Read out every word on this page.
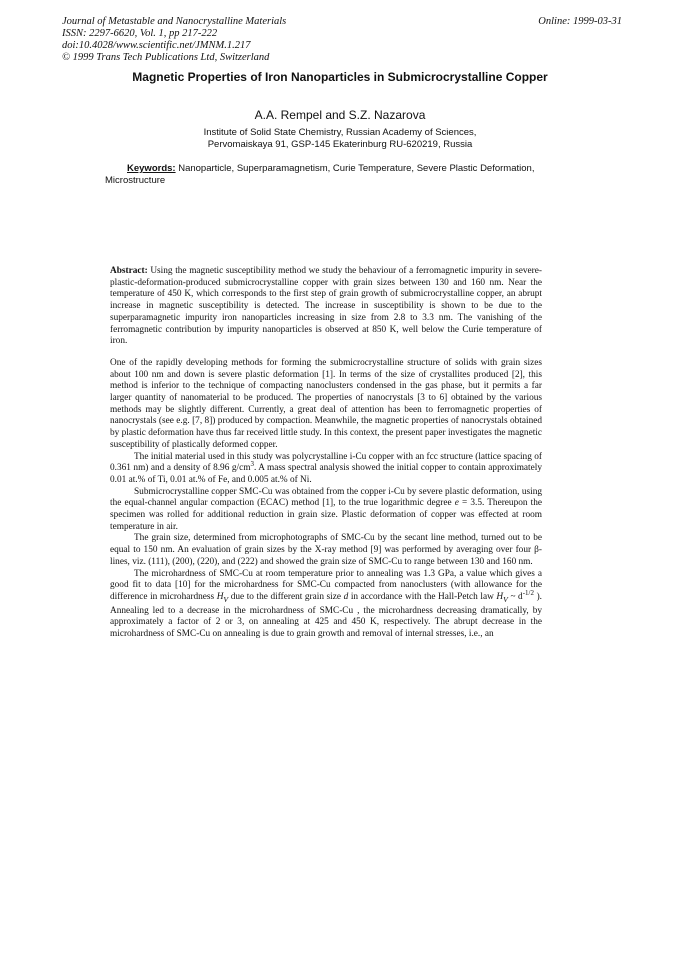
Journal of Metastable and Nanocrystalline Materials
ISSN: 2297-6620, Vol. 1, pp 217-222
doi:10.4028/www.scientific.net/JMNM.1.217
© 1999 Trans Tech Publications Ltd, Switzerland
Online: 1999-03-31
Magnetic Properties of Iron Nanoparticles in Submicrocrystalline Copper
A.A. Rempel and S.Z. Nazarova
Institute of Solid State Chemistry, Russian Academy of Sciences,
Pervomaiskaya 91, GSP-145 Ekaterinburg RU-620219, Russia
Keywords: Nanoparticle, Superparamagnetism, Curie Temperature, Severe Plastic Deformation, Microstructure

Abstract: Using the magnetic susceptibility method we study the behaviour of a ferromagnetic impurity in severe-plastic-deformation-produced submicrocrystalline copper with grain sizes between 130 and 160 nm. Near the temperature of 450 K, which corresponds to the first step of grain growth of submicrocrystalline copper, an abrupt increase in magnetic susceptibility is detected. The increase in susceptibility is shown to be due to the superparamagnetic impurity iron nanoparticles increasing in size from 2.8 to 3.3 nm. The vanishing of the ferromagnetic contribution by impurity nanoparticles is observed at 850 K, well below the Curie temperature of iron.

One of the rapidly developing methods for forming the submicrocrystalline structure of solids with grain sizes about 100 nm and down is severe plastic deformation [1]. In terms of the size of crystallites produced [2], this method is inferior to the technique of compacting nanoclusters condensed in the gas phase, but it permits a far larger quantity of nanomaterial to be produced. The properties of nanocrystals [3 to 6] obtained by the various methods may be slightly different. Currently, a great deal of attention has been to ferromagnetic properties of nanocrystals (see e.g. [7, 8]) produced by compaction. Meanwhile, the magnetic properties of nanocrystals obtained by plastic deformation have thus far received little study. In this context, the present paper investigates the magnetic susceptibility of plastically deformed copper.

The initial material used in this study was polycrystalline i-Cu copper with an fcc structure (lattice spacing of 0.361 nm) and a density of 8.96 $g/cm^3$. A mass spectral analysis showed the initial copper to contain approximately 0.01 at.% of Ti, 0.01 at.% of Fe, and 0.005 at.% of Ni.

Submicrocrystalline copper SMC-Cu was obtained from the copper i-Cu by severe plastic deformation, using the equal-channel angular compaction (ECAC) method [1], to the true logarithmic degree e = 3.5. Thereupon the specimen was rolled for additional reduction in grain size. Plastic deformation of copper was effected at room temperature in air.

The grain size, determined from microphotographs of SMC-Cu by the secant line method, turned out to be equal to 150 nm. An evaluation of grain sizes by the X-ray method [9] was performed by averaging over four β-lines, viz. (111), (200), (220), and (222) and showed the grain size of SMC-Cu to range between 130 and 160 nm.

The microhardness of SMC-Cu at room temperature prior to annealing was 1.3 GPa, a value which gives a good fit to data [10] for the microhardness for SMC-Cu compacted from nanoclusters (with allowance for the difference in microhardness $H_V$ due to the different grain size d in accordance with the Hall-Petch law $H_V$ ~ $d^{-1/2}$ ). Annealing led to a decrease in the microhardness of SMC-Cu , the microhardness decreasing dramatically, by approximately a factor of 2 or 3, on annealing at 425 and 450 K, respectively. The abrupt decrease in the microhardness of SMC-Cu on annealing is due to grain growth and removal of internal stresses, i.e., an
